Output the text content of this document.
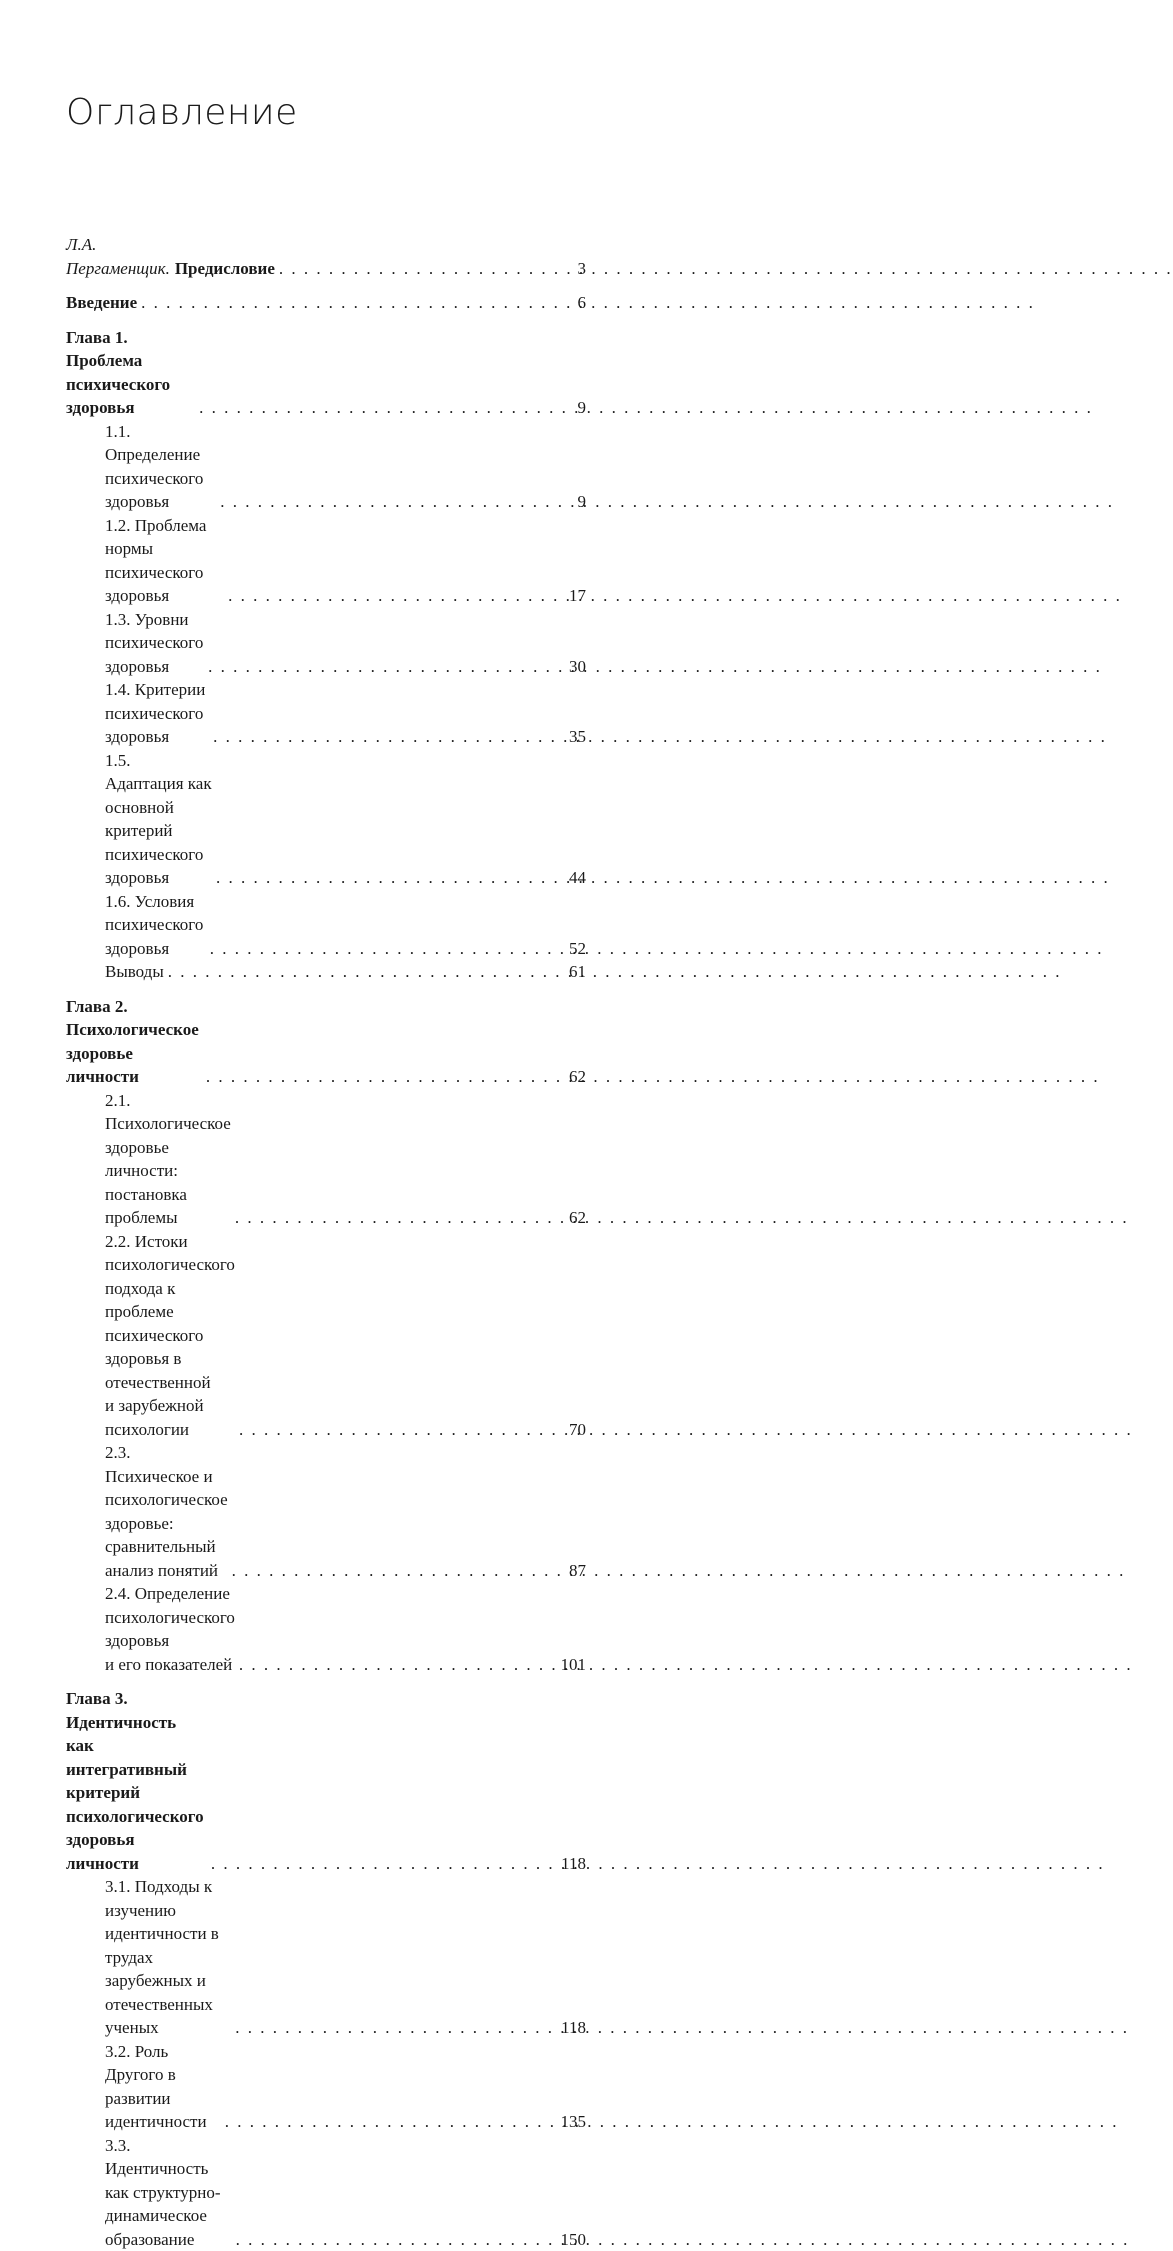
Оглавление
Л.А. Пергаменщик. Предисловие . . .	3
Введение . . .	6
Глава 1. Проблема психического здоровья . . .	9
1.1. Определение психического здоровья . . .	9
1.2. Проблема нормы психического здоровья . . .	17
1.3. Уровни психического здоровья . . .	30
1.4. Критерии психического здоровья . . .	35
1.5. Адаптация как основной критерий
психического здоровья . . .	44
1.6. Условия психического здоровья . . .	52
Выводы . . .	61
Глава 2. Психологическое здоровье личности . . .	62
2.1. Психологическое здоровье личности:
постановка проблемы . . .	62
2.2. Истоки психологического подхода к проблеме
психического здоровья в отечественной
и зарубежной психологии . . .	70
2.3. Психическое и психологическое здоровье:
сравнительный анализ понятий . . .	87
2.4. Определение психологического здоровья
и его показателей . . .	101
Глава 3. Идентичность как интегративный
критерий психологического здоровья личности . . .	118
3.1. Подходы к изучению идентичности в трудах
зарубежных и отечественных ученых . . .	118
3.2. Роль Другого в развитии идентичности . . .	135
3.3. Идентичность как структурно-динамическое
образование . . .	150
